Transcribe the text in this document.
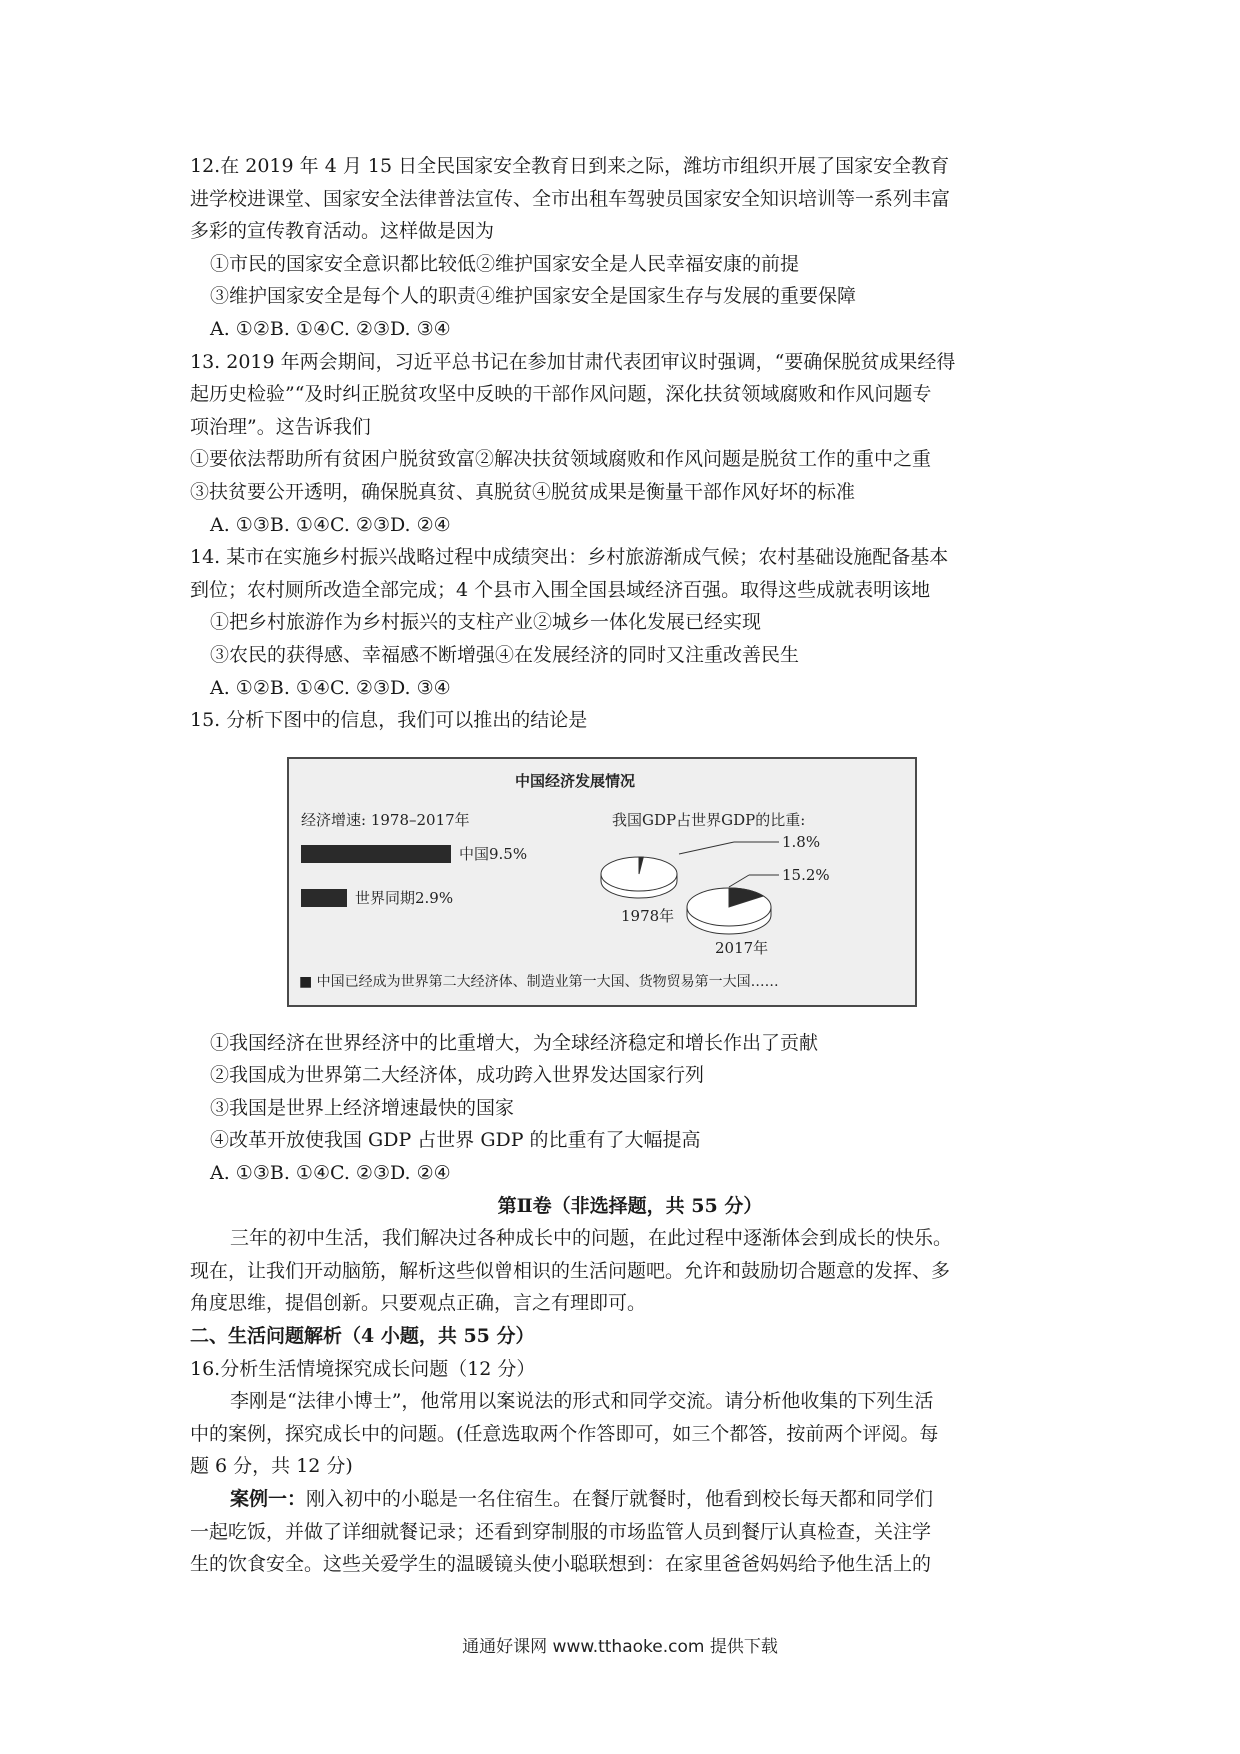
12.在 2019 年 4 月 15 日全民国家安全教育日到来之际，潍坊市组织开展了国家安全教育
进学校进课堂、国家安全法律普法宣传、全市出租车驾驶员国家安全知识培训等一系列丰富
多彩的宣传教育活动。这样做是因为
①市民的国家安全意识都比较低②维护国家安全是人民幸福安康的前提
③维护国家安全是每个人的职责④维护国家安全是国家生存与发展的重要保障
A. ①②B. ①④C. ②③D. ③④
13. 2019 年两会期间，习近平总书记在参加甘肃代表团审议时强调，“要确保脱贫成果经得
起历史检验”“及时纠正脱贫攻坚中反映的干部作风问题，深化扶贫领域腐败和作风问题专
项治理”。这告诉我们
①要依法帮助所有贫困户脱贫致富②解决扶贫领域腐败和作风问题是脱贫工作的重中之重
③扶贫要公开透明，确保脱真贫、真脱贫④脱贫成果是衡量干部作风好坏的标准
A. ①③B. ①④C. ②③D. ②④
14. 某市在实施乡村振兴战略过程中成绩突出：乡村旅游渐成气候；农村基础设施配备基本
到位；农村厕所改造全部完成；4 个县市入围全国县域经济百强。取得这些成就表明该地
①把乡村旅游作为乡村振兴的支柱产业②城乡一体化发展已经实现
③农民的获得感、幸福感不断增强④在发展经济的同时又注重改善民生
A. ①②B. ①④C. ②③D. ③④
15. 分析下图中的信息，我们可以推出的结论是
中国经济发展情况
经济增速: 1978–2017年	我国GDP占世界GDP的比重:
中国9.5%
世界同期2.9%
1.8%
15.2%
1978年
2017年
■ 中国已经成为世界第二大经济体、制造业第一大国、货物贸易第一大国……
①我国经济在世界经济中的比重增大，为全球经济稳定和增长作出了贡献
②我国成为世界第二大经济体，成功跨入世界发达国家行列
③我国是世界上经济增速最快的国家
④改革开放使我国 GDP 占世界 GDP 的比重有了大幅提高
A. ①③B. ①④C. ②③D. ②④
第Ⅱ卷（非选择题，共 55 分）
三年的初中生活，我们解决过各种成长中的问题，在此过程中逐渐体会到成长的快乐。
现在，让我们开动脑筋，解析这些似曾相识的生活问题吧。允许和鼓励切合题意的发挥、多
角度思维，提倡创新。只要观点正确，言之有理即可。
二、生活问题解析（4 小题，共 55 分）
16.分析生活情境探究成长问题（12 分）
李刚是“法律小博士”，他常用以案说法的形式和同学交流。请分析他收集的下列生活
中的案例，探究成长中的问题。(任意选取两个作答即可，如三个都答，按前两个评阅。每
题 6 分，共 12 分)
案例一：刚入初中的小聪是一名住宿生。在餐厅就餐时，他看到校长每天都和同学们
一起吃饭，并做了详细就餐记录；还看到穿制服的市场监管人员到餐厅认真检查，关注学
生的饮食安全。这些关爱学生的温暖镜头使小聪联想到：在家里爸爸妈妈给予他生活上的
通通好课网 www.tthaoke.com 提供下载
